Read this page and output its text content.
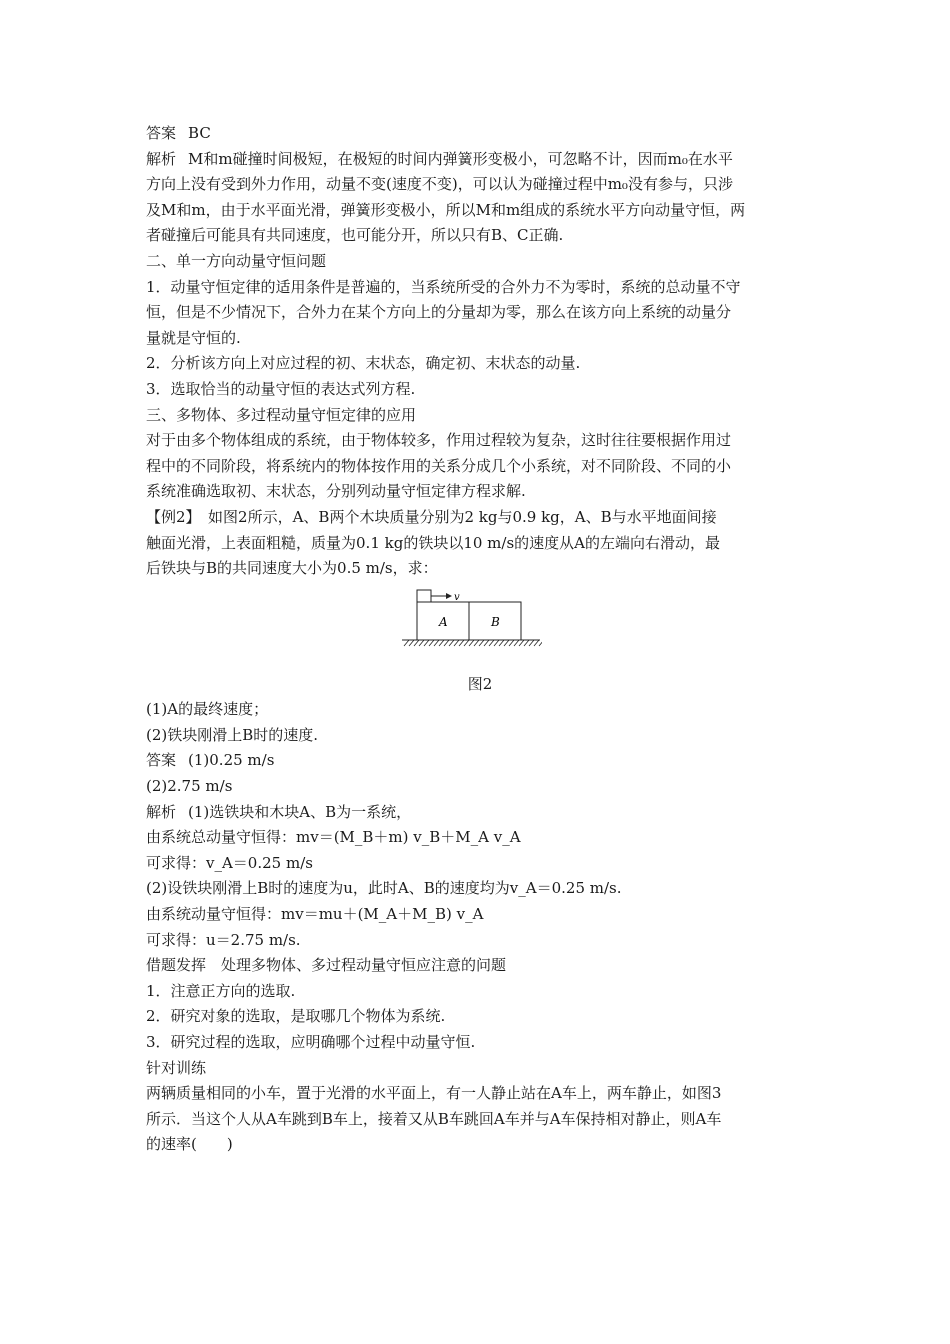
答案 BC
解析 M和m碰撞时间极短，在极短的时间内弹簧形变极小，可忽略不计，因而m₀在水平
方向上没有受到外力作用，动量不变(速度不变)，可以认为碰撞过程中m₀没有参与，只涉
及M和m，由于水平面光滑，弹簧形变极小，所以M和m组成的系统水平方向动量守恒，两
者碰撞后可能具有共同速度，也可能分开，所以只有B、C正确.
二、单一方向动量守恒问题
1．动量守恒定律的适用条件是普遍的，当系统所受的合外力不为零时，系统的总动量不守
恒，但是不少情况下，合外力在某个方向上的分量却为零，那么在该方向上系统的动量分
量就是守恒的.
2．分析该方向上对应过程的初、末状态，确定初、末状态的动量.
3．选取恰当的动量守恒的表达式列方程.
三、多物体、多过程动量守恒定律的应用
对于由多个物体组成的系统，由于物体较多，作用过程较为复杂，这时往往要根据作用过
程中的不同阶段，将系统内的物体按作用的关系分成几个小系统，对不同阶段、不同的小
系统准确选取初、末状态，分别列动量守恒定律方程求解.
【例2】　如图2所示，A、B两个木块质量分别为2 kg与0.9 kg，A、B与水平地面间接
触面光滑，上表面粗糙，质量为0.1 kg的铁块以10 m/s的速度从A的左端向右滑动，最
后铁块与B的共同速度大小为0.5 m/s，求：
v
A	B
图2
(1)A的最终速度；
(2)铁块刚滑上B时的速度.
答案 (1)0.25 m/s
(2)2.75 m/s
解析 (1)选铁块和木块A、B为一系统，
由系统总动量守恒得：mv＝(M_B＋m) v_B＋M_A v_A
可求得：v_A＝0.25 m/s
(2)设铁块刚滑上B时的速度为u，此时A、B的速度均为v_A＝0.25 m/s.
由系统动量守恒得：mv＝mu＋(M_A＋M_B) v_A
可求得：u＝2.75 m/s.
借题发挥　处理多物体、多过程动量守恒应注意的问题
1．注意正方向的选取.
2．研究对象的选取，是取哪几个物体为系统.
3．研究过程的选取，应明确哪个过程中动量守恒.
针对训练
两辆质量相同的小车，置于光滑的水平面上，有一人静止站在A车上，两车静止，如图3
所示．当这个人从A车跳到B车上，接着又从B车跳回A车并与A车保持相对静止，则A车
的速率(　　)
